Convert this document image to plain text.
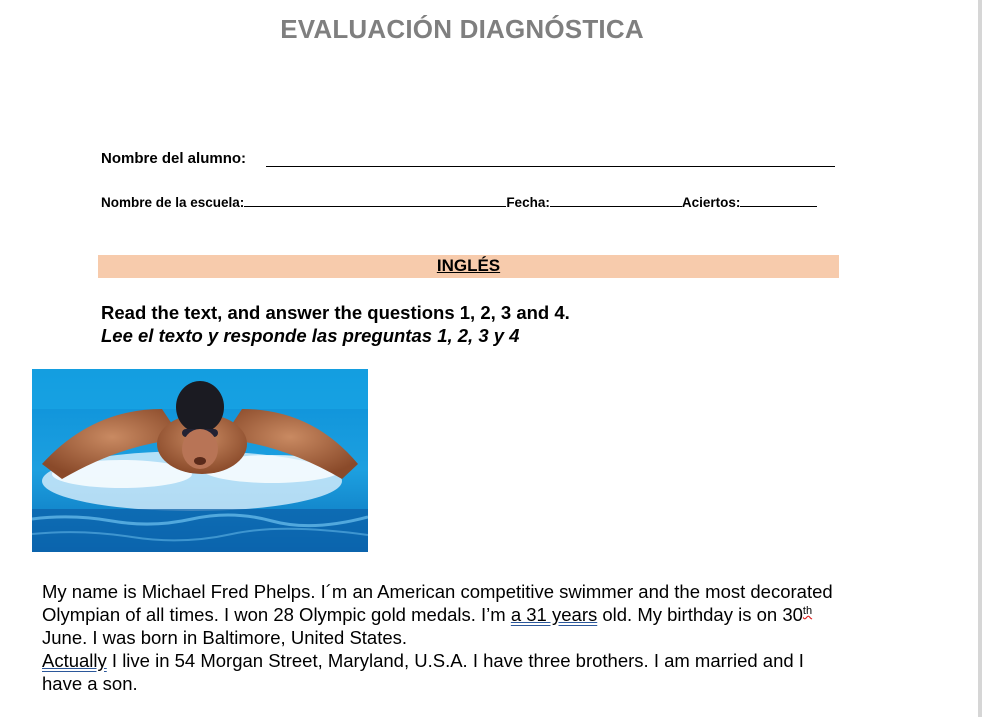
EVALUACIÓN DIAGNÓSTICA
Nombre del alumno:
Nombre de la escuela:	Fecha:	Aciertos:
INGLÉS
Read the text, and answer the questions 1, 2, 3 and 4.
Lee el texto y responde las preguntas 1, 2, 3 y 4
My name is Michael Fred Phelps. I´m an American competitive swimmer and the most decorated Olympian of all times. I won 28 Olympic gold medals. I’m a 31 years old. My birthday is on 30th June. I was born in Baltimore, United States.
Actually I live in 54 Morgan Street, Maryland, U.S.A. I have three brothers. I am married and I have a son.
